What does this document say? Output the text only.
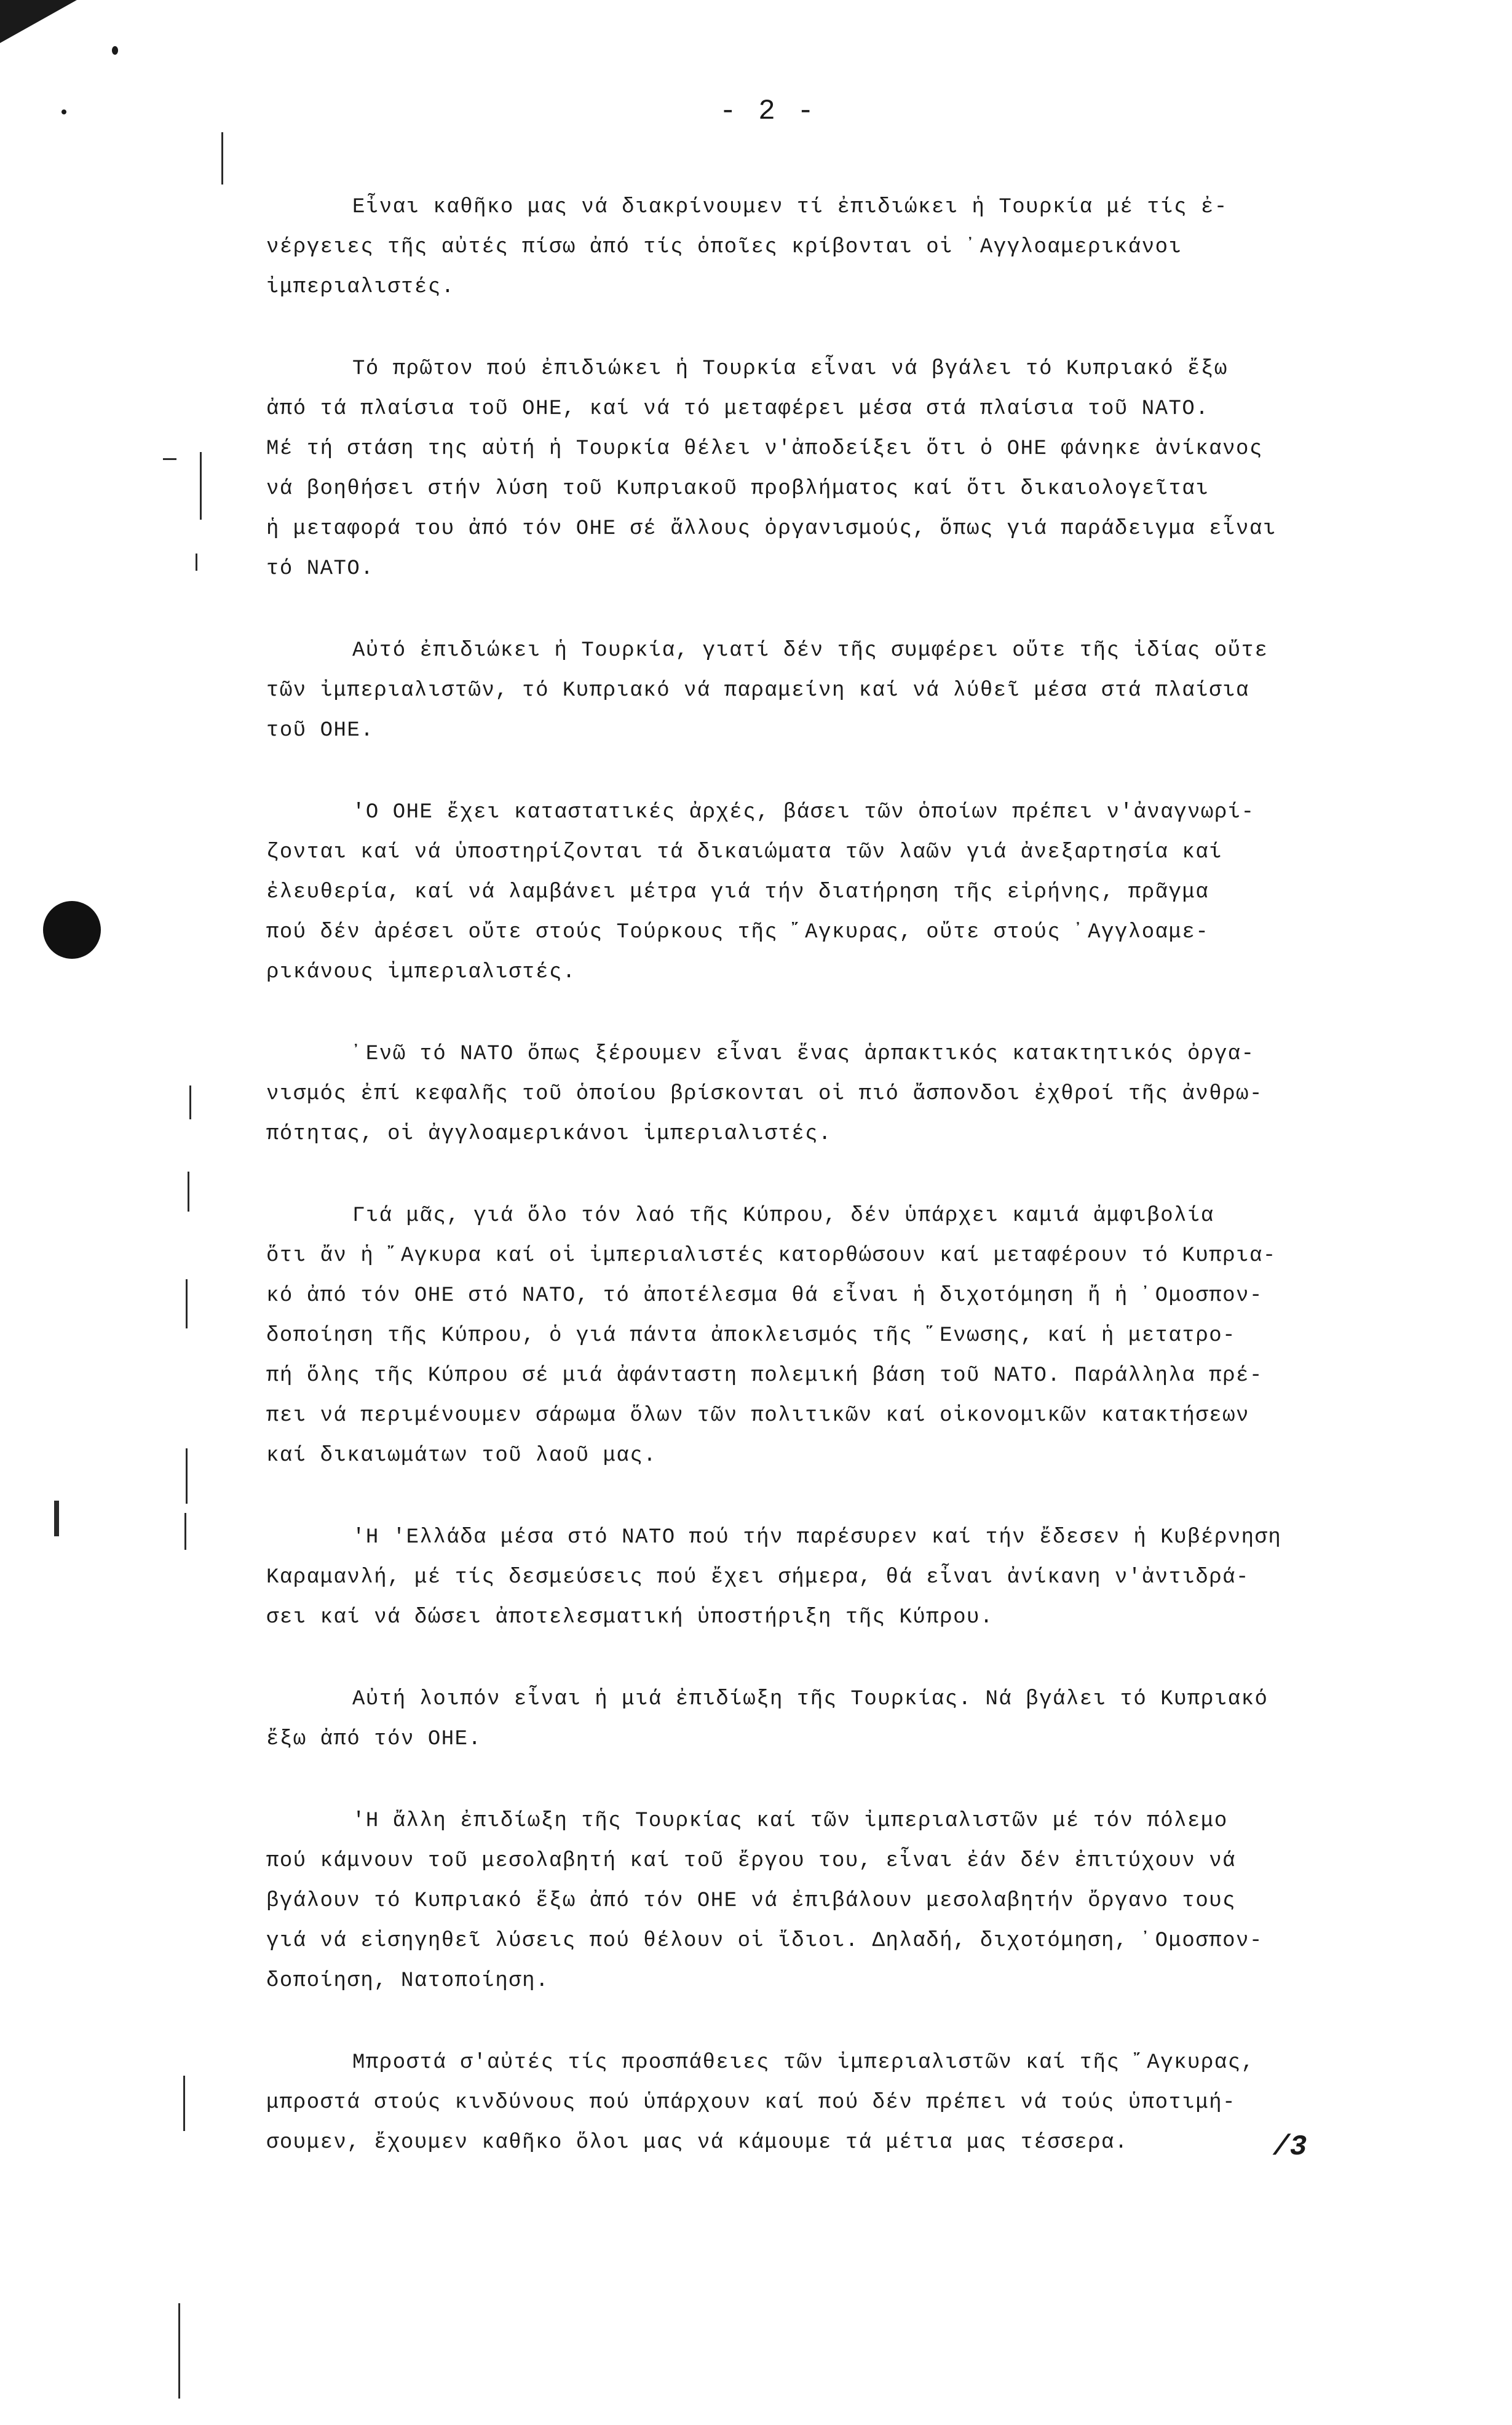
- 2 -
Εἶναι καθῆκο μας νά διακρίνουμεν τί ἐπιδιώκει ἡ Τουρκία μέ τίς ἐ-
νέργειες τῆς αὐτές πίσω ἀπό τίς ὁποῖες κρίβονται οἱ ᾿Αγγλοαμερικάνοι
ἰμπεριαλιστές.
Τό πρῶτον πού ἐπιδιώκει ἡ Τουρκία εἶναι νά βγάλει τό Κυπριακό ἔξω
ἀπό τά πλαίσια τοῦ ΟΗΕ, καί νά τό μεταφέρει μέσα στά πλαίσια τοῦ ΝΑΤΟ.
Μέ τή στάση της αὐτή ἡ Τουρκία θέλει ν'ἀποδείξει ὅτι ὁ ΟΗΕ φάνηκε ἀνίκανος
νά βοηθήσει στήν λύση τοῦ Κυπριακοῦ προβλήματος καί ὅτι δικαιολογεῖται
ἡ μεταφορά του ἀπό τόν ΟΗΕ σέ ἄλλους ὀργανισμούς, ὅπως γιά παράδειγμα εἶναι
τό ΝΑΤΟ.
Αὐτό ἐπιδιώκει ἡ Τουρκία, γιατί δέν τῆς συμφέρει οὔτε τῆς ἰδίας οὔτε
τῶν ἰμπεριαλιστῶν, τό Κυπριακό νά παραμείνη καί νά λύθεῖ μέσα στά πλαίσια
τοῦ ΟΗΕ.
'Ο ΟΗΕ ἔχει καταστατικές ἀρχές, βάσει τῶν ὁποίων πρέπει ν'ἀναγνωρί-
ζονται καί νά ὑποστηρίζονται τά δικαιώματα τῶν λαῶν γιά ἀνεξαρτησία καί
ἐλευθερία, καί νά λαμβάνει μέτρα γιά τήν διατήρηση τῆς εἰρήνης, πρᾶγμα
πού δέν ἀρέσει οὔτε στούς Τούρκους τῆς ῎Αγκυρας, οὔτε στούς ᾿Αγγλοαμε-
ρικάνους ἰμπεριαλιστές.
᾿Ενῶ τό ΝΑΤΟ ὅπως ξέρουμεν εἶναι ἕνας ἁρπακτικός κατακτητικός ὀργα-
νισμός ἐπί κεφαλῆς τοῦ ὁποίου βρίσκονται οἱ πιό ἄσπονδοι ἐχθροί τῆς ἀνθρω-
πότητας, οἱ ἀγγλοαμερικάνοι ἰμπεριαλιστές.
Γιά μᾶς, γιά ὅλο τόν λαό τῆς Κύπρου, δέν ὑπάρχει καμιά ἀμφιβολία
ὅτι ἄν ἡ ῎Αγκυρα καί οἱ ἰμπεριαλιστές κατορθώσουν καί μεταφέρουν τό Κυπρια-
κό ἀπό τόν ΟΗΕ στό ΝΑΤΟ, τό ἀποτέλεσμα θά εἶναι ἡ διχοτόμηση ἤ ἡ ᾿Ομοσπον-
δοποίηση τῆς Κύπρου, ὁ γιά πάντα ἀποκλεισμός τῆς ῞Ενωσης, καί ἡ μετατρο-
πή ὅλης τῆς Κύπρου σέ μιά ἀφάνταστη πολεμική βάση τοῦ ΝΑΤΟ. Παράλληλα πρέ-
πει νά περιμένουμεν σάρωμα ὅλων τῶν πολιτικῶν καί οἰκονομικῶν κατακτήσεων
καί δικαιωμάτων τοῦ λαοῦ μας.
'Η 'Ελλάδα μέσα στό ΝΑΤΟ πού τήν παρέσυρεν καί τήν ἔδεσεν ἡ Κυβέρνηση
Καραμανλή, μέ τίς δεσμεύσεις πού ἔχει σήμερα, θά εἶναι ἀνίκανη ν'ἀντιδρά-
σει καί νά δώσει ἀποτελεσματική ὑποστήριξη τῆς Κύπρου.
Αὐτή λοιπόν εἶναι ἡ μιά ἐπιδίωξη τῆς Τουρκίας. Νά βγάλει τό Κυπριακό
ἔξω ἀπό τόν ΟΗΕ.
'Η ἄλλη ἐπιδίωξη τῆς Τουρκίας καί τῶν ἰμπεριαλιστῶν μέ τόν πόλεμο
πού κάμνουν τοῦ μεσολαβητή καί τοῦ ἔργου του, εἶναι ἐάν δέν ἐπιτύχουν νά
βγάλουν τό Κυπριακό ἔξω ἀπό τόν ΟΗΕ νά ἐπιβάλουν μεσολαβητήν ὄργανο τους
γιά νά εἰσηγηθεῖ λύσεις πού θέλουν οἱ ἴδιοι. Δηλαδή, διχοτόμηση, ᾿Ομοσπον-
δοποίηση, Νατοποίηση.
Μπροστά σ'αὐτές τίς προσπάθειες τῶν ἰμπεριαλιστῶν καί τῆς ῎Αγκυρας,
μπροστά στούς κινδύνους πού ὑπάρχουν καί πού δέν πρέπει νά τούς ὑποτιμή-
σουμεν, ἔχουμεν καθῆκο ὅλοι μας νά κάμουμε τά μέτια μας τέσσερα.	/3
